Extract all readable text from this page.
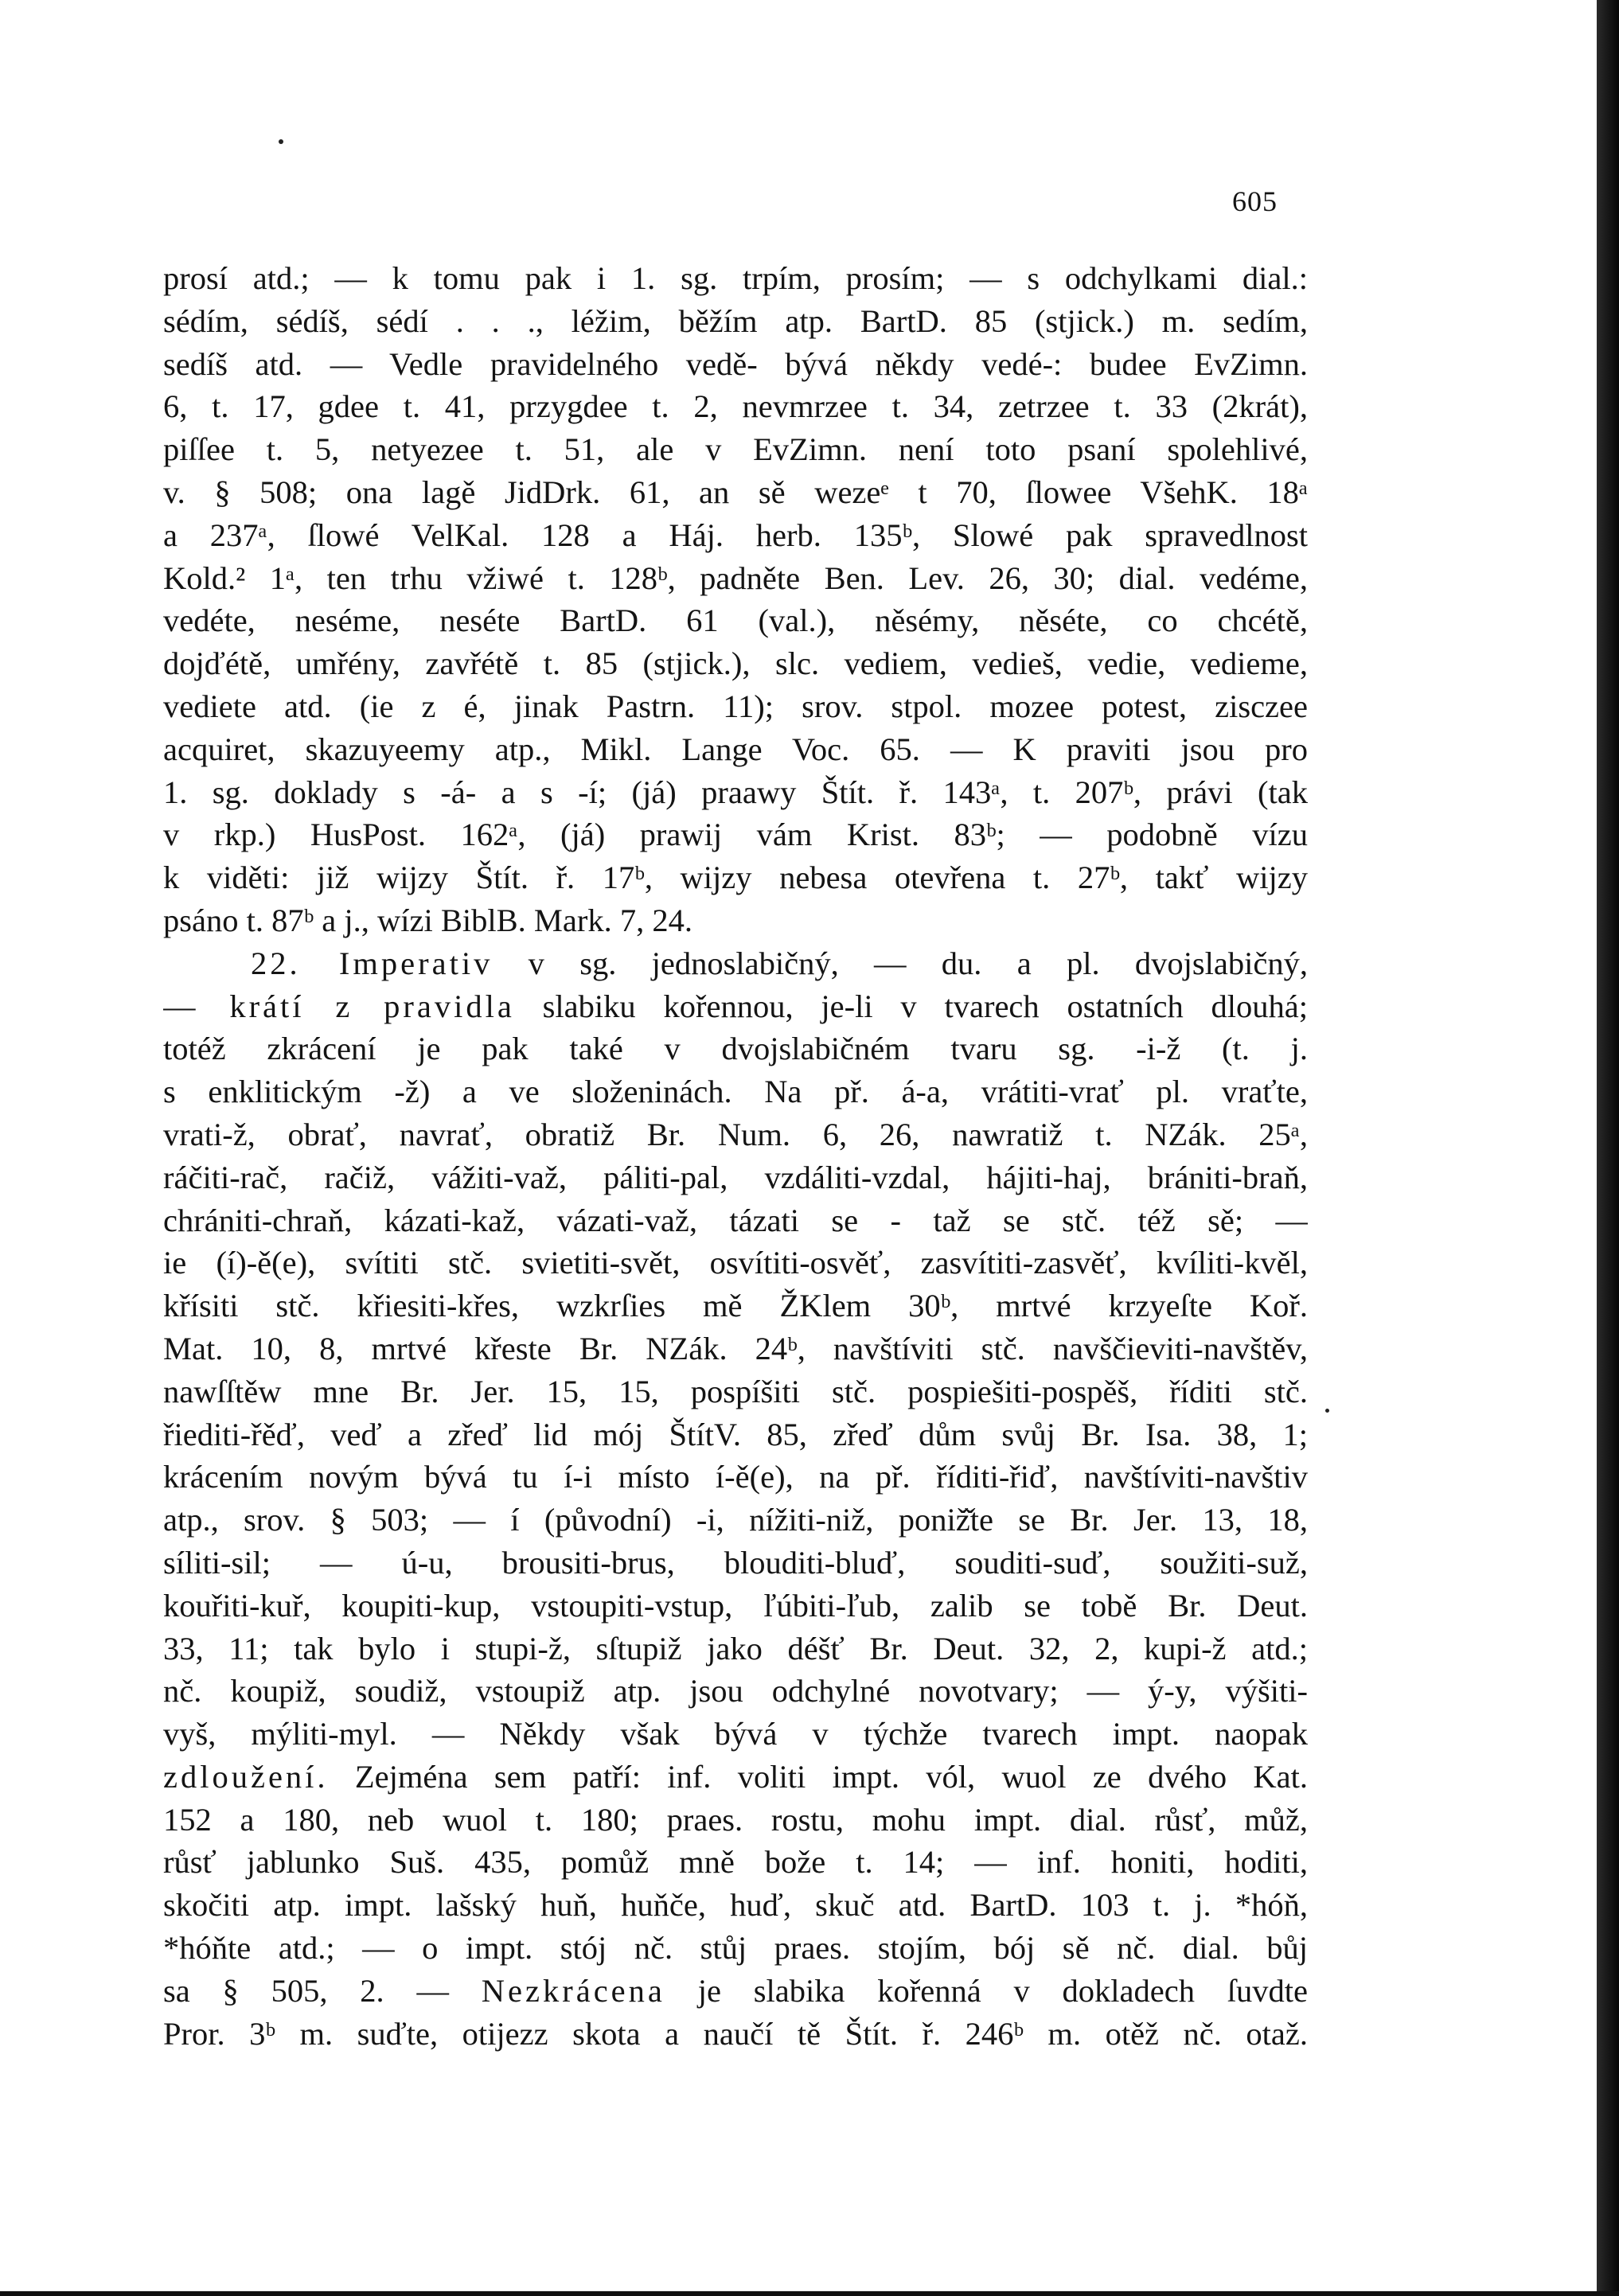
605
prosí atd.; — k tomu pak i 1. sg. trpím, prosím; — s odchylkami dial.:
sédím, sédíš, sédí . . ., léžim, běžím atp. BartD. 85 (stjick.) m. sedím,
sedíš atd. — Vedle pravidelného vedě- bývá někdy vedé-: budee EvZimn.
6, t. 17, gdee t. 41, przygdee t. 2, nevmrzee t. 34, zetrzee t. 33 (2krát),
piſſee t. 5, netyezee t. 51, ale v EvZimn. není toto psaní spolehlivé,
v. § 508; ona lagě JidDrk. 61, an sě wezeᵉ t 70, ſlowee VšehK. 18ᵃ
a 237ᵃ, ſlowé VelKal. 128 a Háj. herb. 135ᵇ, Slowé pak spravedlnost
Kold.² 1ᵃ, ten trhu vžiwé t. 128ᵇ, padněte Ben. Lev. 26, 30; dial. vedéme,
vedéte, neséme, neséte BartD. 61 (val.), něsémy, něséte, co chcétě,
dojďétě, umřény, zavřétě t. 85 (stjick.), slc. vediem, vedieš, vedie, vedieme,
vediete atd. (ie z é, jinak Pastrn. 11); srov. stpol. mozee potest, zisczee
acquiret, skazuyeemy atp., Mikl. Lange Voc. 65. — K praviti jsou pro
1. sg. doklady s -á- a s -í; (já) praawy Štít. ř. 143ᵃ, t. 207ᵇ, právi (tak
v rkp.) HusPost. 162ᵃ, (já) prawij vám Krist. 83ᵇ; — podobně vízu
k viděti: již wijzy Štít. ř. 17ᵇ, wijzy nebesa otevřena t. 27ᵇ, takť wijzy
psáno t. 87ᵇ a j., wízi BiblB. Mark. 7, 24.
22. Imperativ v sg. jednoslabičný, — du. a pl. dvojslabičný,
— krátí z pravidla slabiku kořennou, je-li v tvarech ostatních dlouhá;
totéž zkrácení je pak také v dvojslabičném tvaru sg. -i-ž (t. j.
s enklitickým -ž) a ve složeninách. Na př. á-a, vrátiti-vrať pl. vraťte,
vrati-ž, obrať, navrať, obratiž Br. Num. 6, 26, nawratiž t. NZák. 25ᵃ,
ráčiti-rač, račiž, vážiti-važ, páliti-pal, vzdáliti-vzdal, hájiti-haj, brániti-braň,
chrániti-chraň, kázati-kaž, vázati-važ, tázati se - taž se stč. též sě; —
ie (í)-ě(e), svítiti stč. svietiti-svět, osvítiti-osvěť, zasvítiti-zasvěť, kvíliti-kvěl,
křísiti stč. křiesiti-křes, wzkrſies mě ŽKlem 30ᵇ, mrtvé krzyeſte Koř.
Mat. 10, 8, mrtvé křeste Br. NZák. 24ᵇ, navštíviti stč. navščieviti-navštěv,
nawſſtěw mne Br. Jer. 15, 15, pospíšiti stč. pospiešiti-pospěš, říditi stč.
řiediti-řěď, veď a zřeď lid mój ŠtítV. 85, zřeď dům svůj Br. Isa. 38, 1;
krácením novým bývá tu í-i místo í-ě(e), na př. říditi-řiď, navštíviti-navštiv
atp., srov. § 503; — í (původní) -i, nížiti-niž, poniž̌te se Br. Jer. 13, 18,
síliti-sil; — ú-u, brousiti-brus, blouditi-bluď, souditi-suď, soužiti-suž,
kouřiti-kuř, koupiti-kup, vstoupiti-vstup, ľúbiti-ľub, zalib se tobě Br. Deut.
33, 11; tak bylo i stupi-ž, sſtupiž jako déšť Br. Deut. 32, 2, kupi-ž atd.;
nč. koupiž, soudiž, vstoupiž atp. jsou odchylné novotvary; — ý-y, výšiti-
vyš, mýliti-myl. — Někdy však bývá v týchže tvarech impt. naopak
zdloužení. Zejména sem patří: inf. voliti impt. vól, wuol ze dvého Kat.
152 a 180, neb wuol t. 180; praes. rostu, mohu impt. dial. růsť, můž,
růsť jablunko Suš. 435, pomůž mně bože t. 14; — inf. honiti, hoditi,
skočiti atp. impt. lašský huň, huňče, huď, skuč atd. BartD. 103 t. j. *hóň,
*hóňte atd.; — o impt. stój nč. stůj praes. stojím, bój sě nč. dial. bůj
sa § 505, 2. — Nezkrácena je slabika kořenná v dokladech ſuvdte
Pror. 3ᵇ m. suďte, otijezz skota a naučí tě Štít. ř. 246ᵇ m. otěž nč. otaž.
